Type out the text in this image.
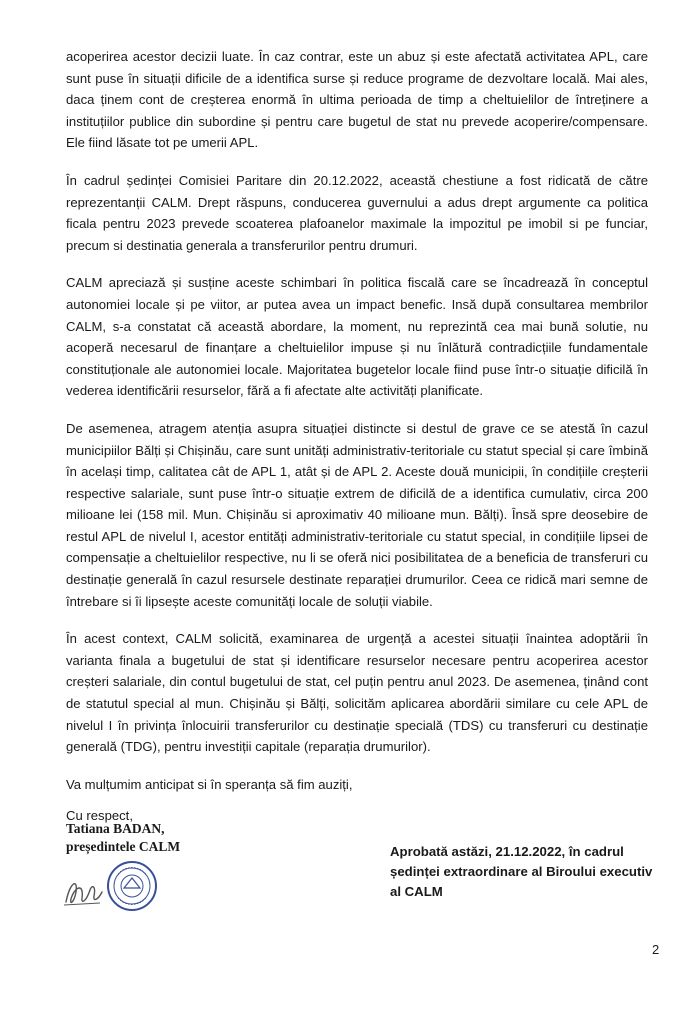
acoperirea acestor decizii luate. În caz contrar, este un abuz și este afectată activitatea APL, care sunt puse în situații dificile de a identifica surse și reduce programe de dezvoltare locală. Mai ales, daca ținem cont de creșterea enormă în ultima perioada de timp a cheltuielilor de întreținere a instituțiilor publice din subordine și pentru care bugetul de stat nu prevede acoperire/compensare. Ele fiind lăsate tot pe umerii APL.

În cadrul ședinței Comisiei Paritare din 20.12.2022, această chestiune a fost ridicată de către reprezentanții CALM. Drept răspuns, conducerea guvernului a adus drept argumente ca politica ficala pentru 2023 prevede scoaterea plafoanelor maximale la impozitul pe imobil si pe funciar, precum si destinatia generala a transferurilor pentru drumuri.

CALM apreciază și susține aceste schimbari în politica fiscală care se încadrează în conceptul autonomiei locale și pe viitor, ar putea avea un impact benefic. Insă după consultarea membrilor CALM, s-a constatat că această abordare, la moment, nu reprezintă cea mai bună solutie, nu acoperă necesarul de finanțare a cheltuielilor impuse și nu înlătură contradicțiile fundamentale constituționale ale autonomiei locale. Majoritatea bugetelor locale fiind puse într-o situație dificilă în vederea identificării resurselor, fără a fi afectate alte activități planificate.

De asemenea, atragem atenția asupra situației distincte si destul de grave ce se atestă în cazul municipiilor Bălți și Chișinău, care sunt unități administrativ-teritoriale cu statut special și care îmbină în același timp, calitatea cât de APL 1, atât și de APL 2. Aceste două municipii, în condițiile creșterii respective salariale, sunt puse într-o situație extrem de dificilă de a identifica cumulativ, circa 200 milioane lei (158 mil. Mun. Chișinău si aproximativ 40 milioane mun. Bălți). Însă spre deosebire de restul APL de nivelul I, acestor entități administrativ-teritoriale cu statut special, in condițiile lipsei de compensație a cheltuielilor respective, nu li se oferă nici posibilitatea de a beneficia de transferuri cu destinație generală în cazul resursele destinate reparației drumurilor. Ceea ce ridică mari semne de întrebare si îi lipsește aceste comunități locale de soluții viabile.

În acest context, CALM solicită, examinarea de urgență a acestei situații înaintea adoptării în varianta finala a bugetului de stat și identificare resurselor necesare pentru acoperirea acestor creșteri salariale, din contul bugetului de stat, cel puțin pentru anul 2023. De asemenea, ținând cont de statutul special al mun. Chișinău și Bălți, solicităm aplicarea abordării similare cu cele APL de nivelul I în privința înlocuirii transferurilor cu destinație specială (TDS) cu transferuri cu destinație generală (TDG), pentru investiții capitale (reparația drumurilor).

Va mulțumim anticipat si în speranța să fim auziți,

Cu respect,

Tatiana BADAN,
președintele CALM	Aprobată astăzi, 21.12.2022, în cadrul
ședinței extraordinare al Biroului executiv
al CALM
2
